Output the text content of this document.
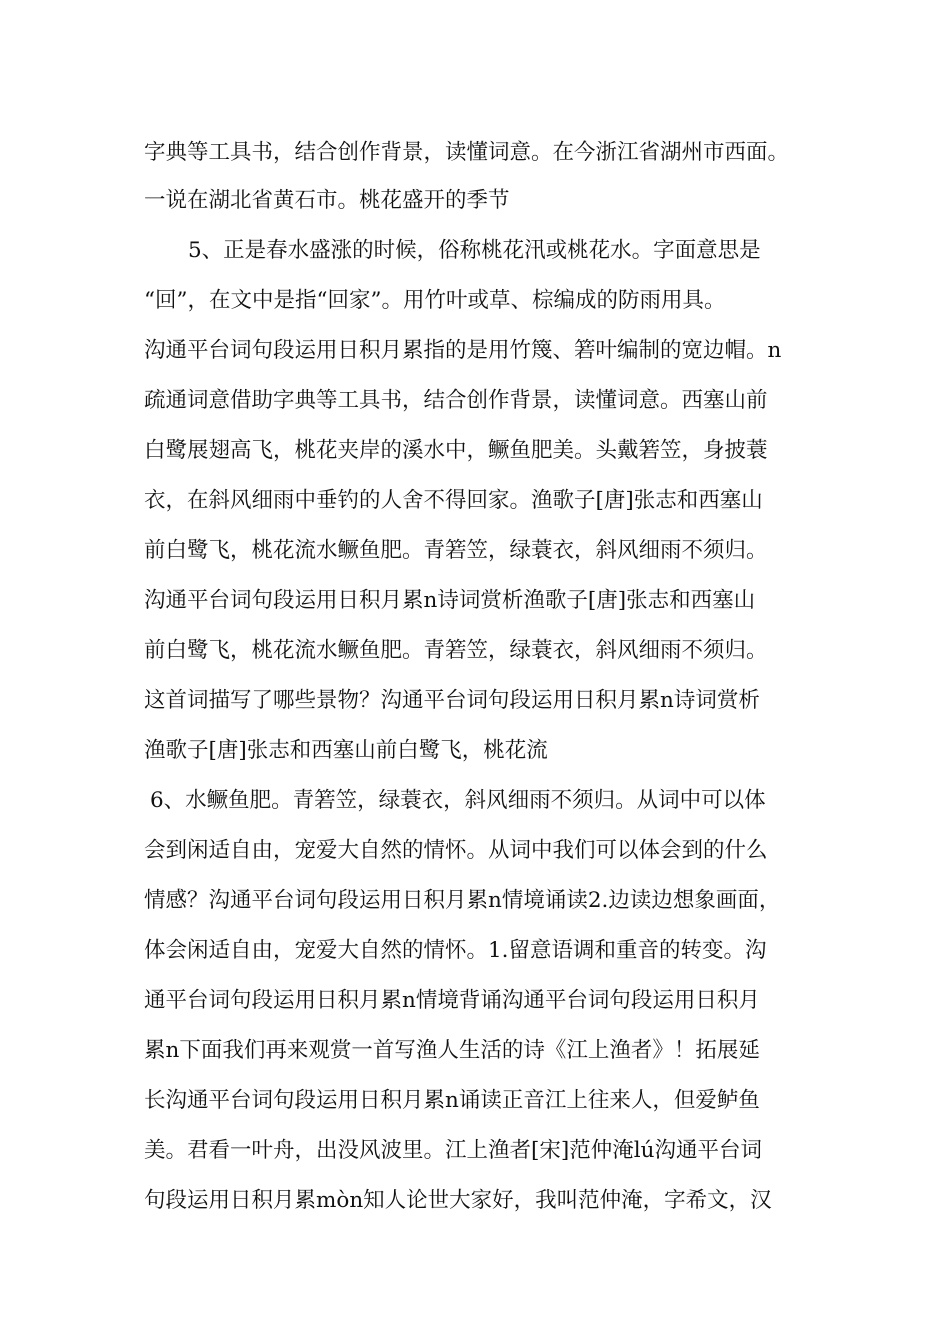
字典等工具书，结合创作背景，读懂词意。在今浙江省湖州市西面。
一说在湖北省黄石市。桃花盛开的季节
5、正是春水盛涨的时候，俗称桃花汛或桃花水。字面意思是
“回”，在文中是指“回家”。用竹叶或草、棕编成的防雨用具。
沟通平台词句段运用日积月累指的是用竹篾、箬叶编制的宽边帽。n
疏通词意借助字典等工具书，结合创作背景，读懂词意。西塞山前
白鹭展翅高飞，桃花夹岸的溪水中，鳜鱼肥美。头戴箬笠，身披蓑
衣，在斜风细雨中垂钓的人舍不得回家。渔歌子[唐]张志和西塞山
前白鹭飞，桃花流水鳜鱼肥。青箬笠，绿蓑衣，斜风细雨不须归。
沟通平台词句段运用日积月累n诗词赏析渔歌子[唐]张志和西塞山
前白鹭飞，桃花流水鳜鱼肥。青箬笠，绿蓑衣，斜风细雨不须归。
这首词描写了哪些景物？沟通平台词句段运用日积月累n诗词赏析
渔歌子[唐]张志和西塞山前白鹭飞，桃花流
6、水鳜鱼肥。青箬笠，绿蓑衣，斜风细雨不须归。从词中可以体
会到闲适自由，宠爱大自然的情怀。从词中我们可以体会到的什么
情感？沟通平台词句段运用日积月累n情境诵读2.边读边想象画面，
体会闲适自由，宠爱大自然的情怀。1.留意语调和重音的转变。沟
通平台词句段运用日积月累n情境背诵沟通平台词句段运用日积月
累n下面我们再来观赏一首写渔人生活的诗《江上渔者》！拓展延
长沟通平台词句段运用日积月累n诵读正音江上往来人，但爱鲈鱼
美。君看一叶舟，出没风波里。江上渔者[宋]范仲淹lú沟通平台词
句段运用日积月累mòn知人论世大家好，我叫范仲淹，字希文，汉
